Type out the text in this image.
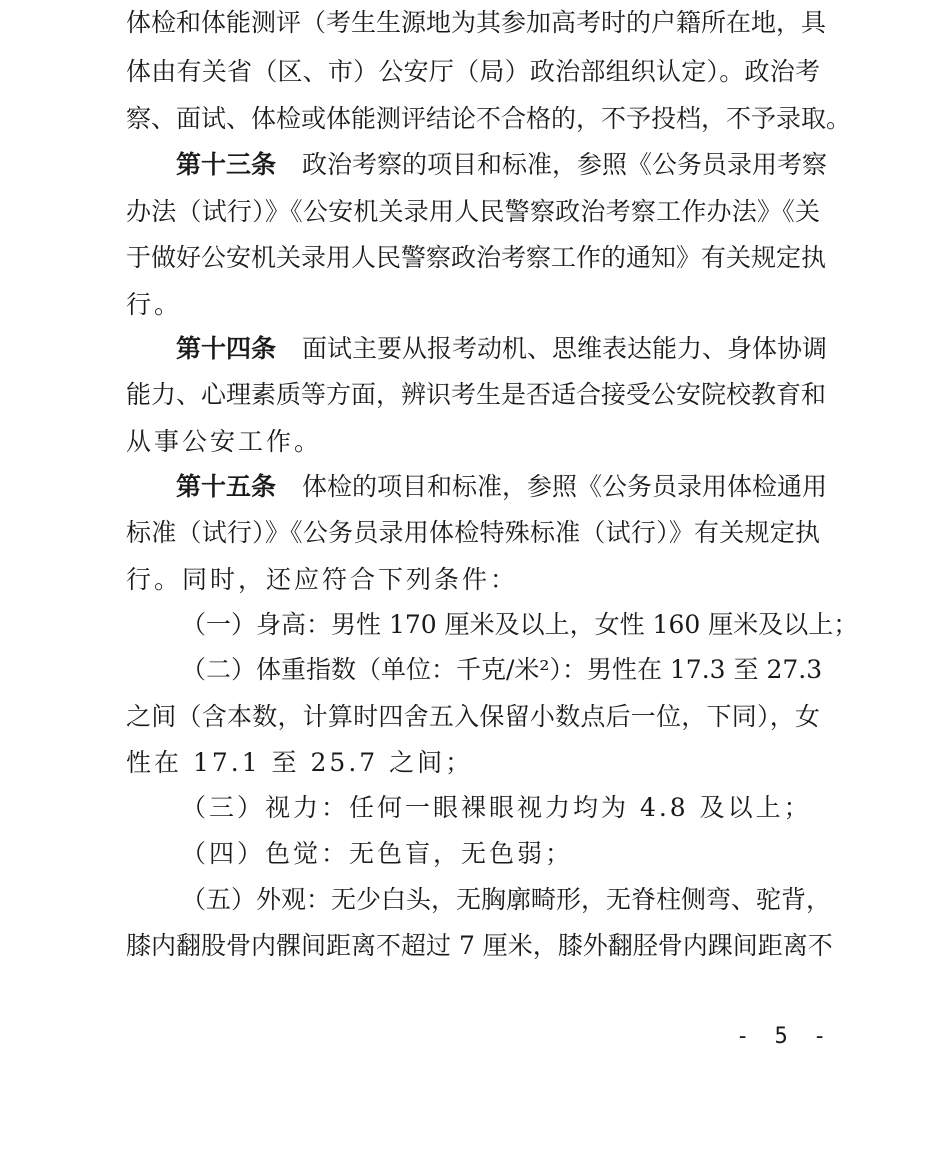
体检和体能测评（考生生源地为其参加高考时的户籍所在地，具
体由有关省（区、市）公安厅（局）政治部组织认定）。政治考
察、面试、体检或体能测评结论不合格的，不予投档，不予录取。
第十三条 政治考察的项目和标准，参照《公务员录用考察
办法（试行）》《公安机关录用人民警察政治考察工作办法》《关
于做好公安机关录用人民警察政治考察工作的通知》有关规定执
行。
第十四条 面试主要从报考动机、思维表达能力、身体协调
能力、心理素质等方面，辨识考生是否适合接受公安院校教育和
从事公安工作。
第十五条 体检的项目和标准，参照《公务员录用体检通用
标准（试行）》《公务员录用体检特殊标准（试行）》有关规定执
行。同时，还应符合下列条件：
（一）身高：男性 170 厘米及以上，女性 160 厘米及以上；
（二）体重指数（单位：千克/米²）：男性在 17.3 至 27.3
之间（含本数，计算时四舍五入保留小数点后一位，下同），女
性在 17.1 至 25.7 之间；
（三）视力：任何一眼裸眼视力均为 4.8 及以上；
（四）色觉：无色盲，无色弱；
（五）外观：无少白头，无胸廓畸形，无脊柱侧弯、驼背，
膝内翻股骨内髁间距离不超过 7 厘米，膝外翻胫骨内踝间距离不
- 5 -
